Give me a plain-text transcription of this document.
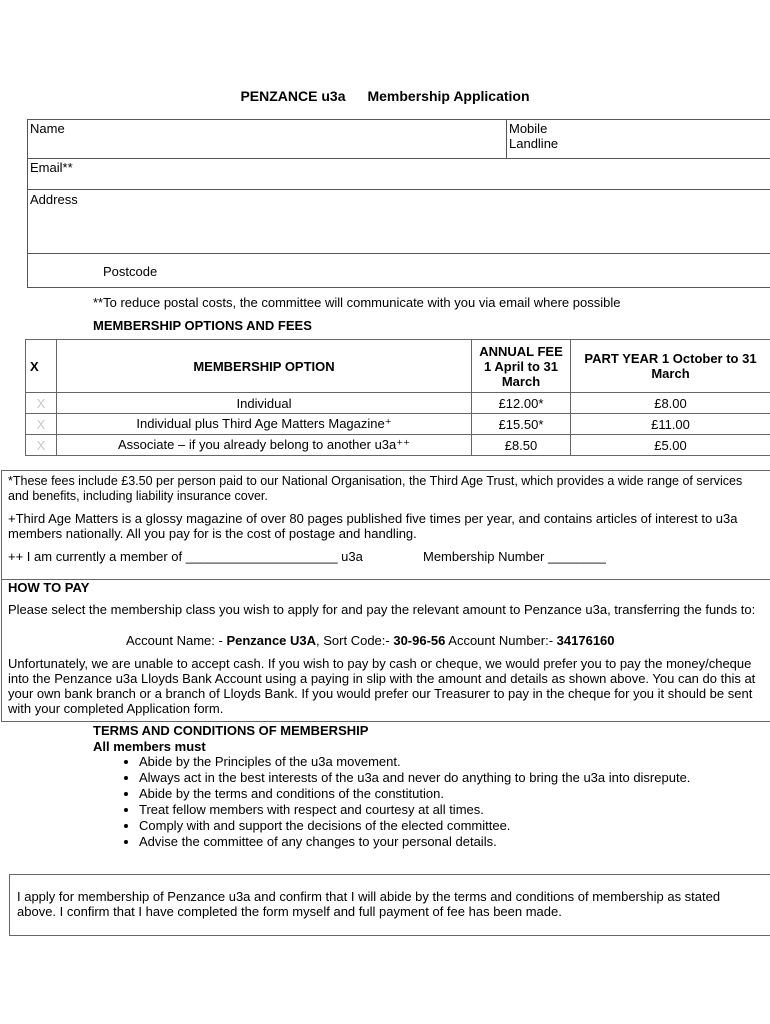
PENZANCE u3a Membership Application
Name	Mobile
Landline
Email**
Address
Postcode
**To reduce postal costs, the committee will communicate with you via email where possible
MEMBERSHIP OPTIONS AND FEES
X	MEMBERSHIP OPTION	ANNUAL FEE 1 April to 31 March	PART YEAR 1 October to 31 March
X	Individual	£12.00*	£8.00
X	Individual plus Third Age Matters Magazine⁺	£15.50*	£11.00
X	Associate – if you already belong to another u3a⁺⁺	£8.50	£5.00
*These fees include £3.50 per person paid to our National Organisation, the Third Age Trust, which provides a wide range of services and benefits, including liability insurance cover.
+Third Age Matters is a glossy magazine of over 80 pages published five times per year, and contains articles of interest to u3a members nationally. All you pay for is the cost of postage and handling.
++ I am currently a member of _____________________ u3a	Membership Number ________
HOW TO PAY
Please select the membership class you wish to apply for and pay the relevant amount to Penzance u3a, transferring the funds to:
Account Name: - Penzance U3A, Sort Code:- 30-96-56 Account Number:- 34176160
Unfortunately, we are unable to accept cash. If you wish to pay by cash or cheque, we would prefer you to pay the money/cheque into the Penzance u3a Lloyds Bank Account using a paying in slip with the amount and details as shown above. You can do this at your own bank branch or a branch of Lloyds Bank. If you would prefer our Treasurer to pay in the cheque for you it should be sent with your completed Application form.
TERMS AND CONDITIONS OF MEMBERSHIP
All members must
• Abide by the Principles of the u3a movement.
• Always act in the best interests of the u3a and never do anything to bring the u3a into disrepute.
• Abide by the terms and conditions of the constitution.
• Treat fellow members with respect and courtesy at all times.
• Comply with and support the decisions of the elected committee.
• Advise the committee of any changes to your personal details.
I apply for membership of Penzance u3a and confirm that I will abide by the terms and conditions of membership as stated above. I confirm that I have completed the form myself and full payment of fee has been made.
